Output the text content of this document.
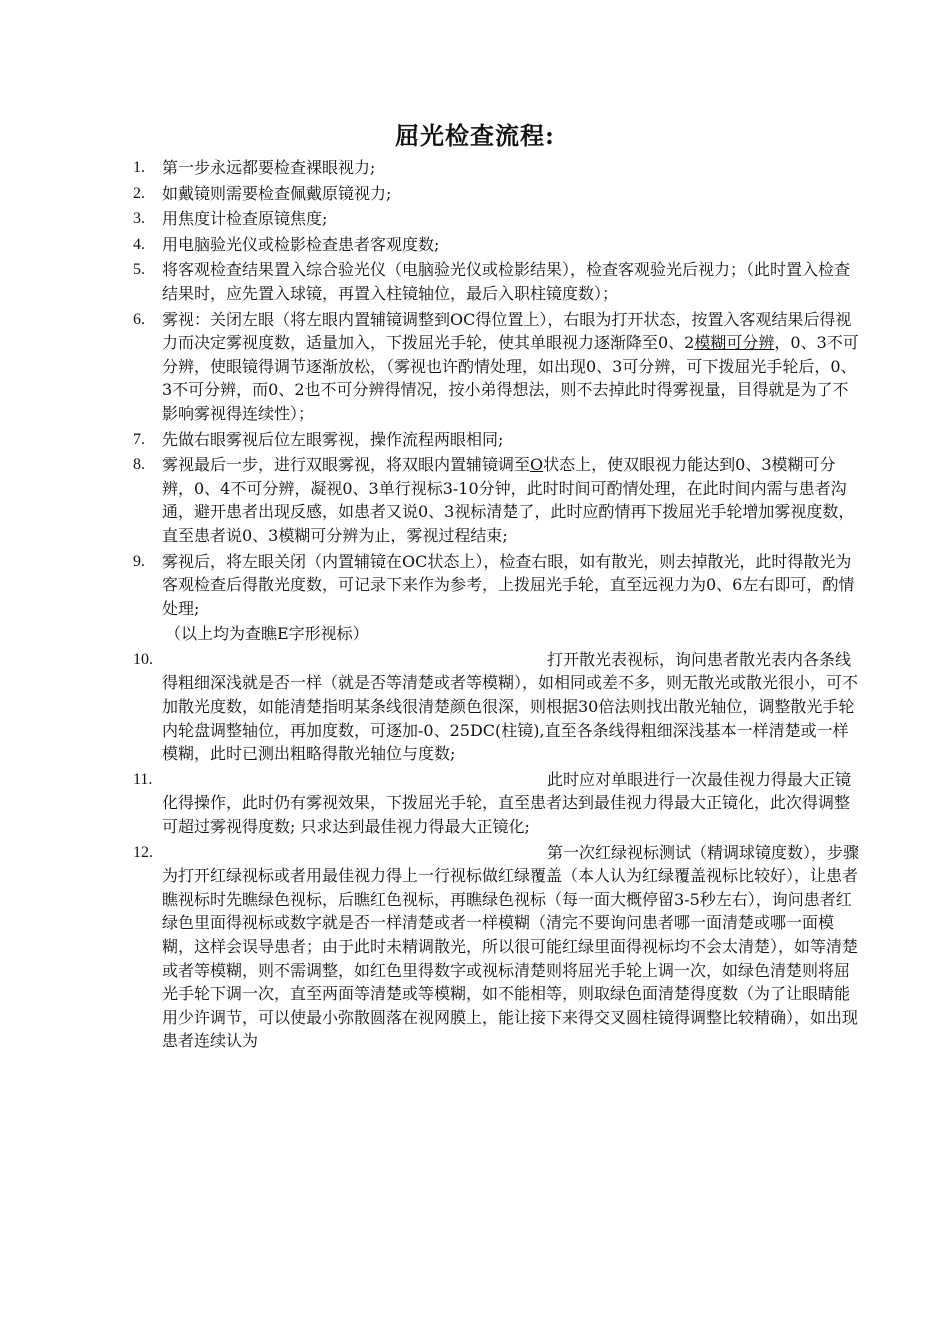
屈光检查流程:
1. 第一步永远都要检查裸眼视力;
2. 如戴镜则需要检查佩戴原镜视力;
3. 用焦度计检查原镜焦度;
4. 用电脑验光仪或检影检查患者客观度数;
5. 将客观检查结果置入综合验光仪（电脑验光仪或检影结果），检查客观验光后视力；（此时置入检查结果时，应先置入球镜，再置入柱镜轴位，最后入职柱镜度数）；
6. 雾视：关闭左眼（将左眼内置辅镜调整到OC得位置上），右眼为打开状态，按置入客观结果后得视力而决定雾视度数，适量加入，下拨屈光手轮，使其单眼视力逐渐降至0、2模糊可分辨，0、3不可分辨，使眼镜得调节逐渐放松，（雾视也许酌情处理，如出现0、3可分辨，可下拨屈光手轮后，0、3不可分辨，而0、2也不可分辨得情况，按小弟得想法，则不去掉此时得雾视量，目得就是为了不影响雾视得连续性）；
7. 先做右眼雾视后位左眼雾视，操作流程两眼相同;
8. 雾视最后一步，进行双眼雾视，将双眼内置辅镜调至O状态上，使双眼视力能达到0、3模糊可分辨，0、4不可分辨，凝视0、3单行视标3-10分钟，此时时间可酌情处理，在此时间内需与患者沟通，避开患者出现反感，如患者又说0、3视标清楚了，此时应酌情再下拨屈光手轮增加雾视度数，直至患者说0、3模糊可分辨为止，雾视过程结束;
9. 雾视后，将左眼关闭（内置辅镜在OC状态上），检查右眼，如有散光，则去掉散光，此时得散光为客观检查后得散光度数，可记录下来作为参考，上拨屈光手轮，直至远视力为0、6左右即可，酌情处理;
（以上均为查瞧E字形视标）
10.	打开散光表视标，询问患者散光表内各条线得粗细深浅就是否一样（就是否等清楚或者等模糊），如相同或差不多，则无散光或散光很小，可不加散光度数，如能清楚指明某条线很清楚颜色很深，则根据30倍法则找出散光轴位，调整散光手轮内轮盘调整轴位，再加度数，可逐加-0、25DC(柱镜),直至各条线得粗细深浅基本一样清楚或一样模糊，此时已测出粗略得散光轴位与度数;
11.	此时应对单眼进行一次最佳视力得最大正镜化得操作，此时仍有雾视效果，下拨屈光手轮，直至患者达到最佳视力得最大正镜化，此次得调整可超过雾视得度数; 只求达到最佳视力得最大正镜化;
12.	第一次红绿视标测试（精调球镜度数），步骤为打开红绿视标或者用最佳视力得上一行视标做红绿覆盖（本人认为红绿覆盖视标比较好），让患者瞧视标时先瞧绿色视标，后瞧红色视标，再瞧绿色视标（每一面大概停留3-5秒左右），询问患者红绿色里面得视标或数字就是否一样清楚或者一样模糊（清完不要询问患者哪一面清楚或哪一面模糊，这样会误导患者；由于此时未精调散光，所以很可能红绿里面得视标均不会太清楚），如等清楚或者等模糊，则不需调整，如红色里得数字或视标清楚则将屈光手轮上调一次，如绿色清楚则将屈光手轮下调一次，直至两面等清楚或等模糊，如不能相等，则取绿色面清楚得度数（为了让眼睛能用少许调节，可以使最小弥散圆落在视网膜上，能让接下来得交叉圆柱镜得调整比较精确），如出现患者连续认为
